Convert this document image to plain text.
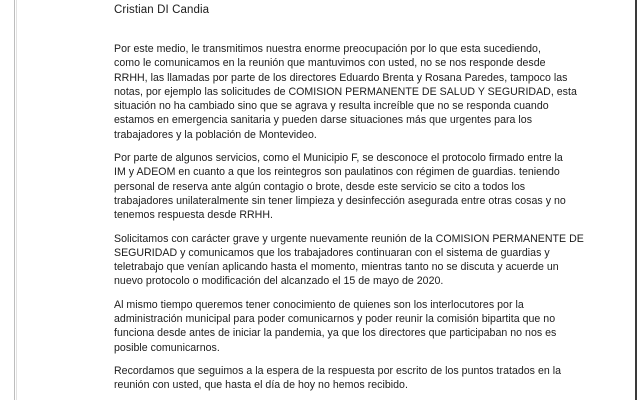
Cristian DI Candia

Por este medio, le transmitimos nuestra enorme preocupación por lo que esta sucediendo,
como le comunicamos en la reunión que mantuvimos con usted, no se nos responde desde
RRHH, las llamadas por parte de los directores Eduardo Brenta y Rosana Paredes, tampoco las
notas, por ejemplo las solicitudes de COMISION PERMANENTE DE SALUD Y SEGURIDAD, esta
situación no ha cambiado sino que se agrava y resulta increíble que no se responda cuando
estamos en emergencia sanitaria y pueden darse situaciones más que urgentes para los
trabajadores y la población de Montevideo.

Por parte de algunos servicios, como el Municipio F, se desconoce el protocolo firmado entre la
IM y ADEOM en cuanto a que los reintegros son paulatinos con régimen de guardias. teniendo
personal de reserva ante algún contagio o brote, desde este servicio se cito a todos los
trabajadores unilateralmente sin tener limpieza y desinfección asegurada entre otras cosas y no
tenemos respuesta desde RRHH.

Solicitamos con carácter grave y urgente nuevamente reunión de la COMISION PERMANENTE DE
SEGURIDAD y comunicamos que los trabajadores continuaran con el sistema de guardias y
teletrabajo que venían aplicando hasta el momento, mientras tanto no se discuta y acuerde un
nuevo protocolo o modificación del alcanzado el 15 de mayo de 2020.

Al mismo tiempo queremos tener conocimiento de quienes son los interlocutores por la
administración municipal para poder comunicarnos y poder reunir la comisión bipartita que no
funciona desde antes de iniciar la pandemia, ya que los directores que participaban no nos es
posible comunicarnos.

Recordamos que seguimos a la espera de la respuesta por escrito de los puntos tratados en la
reunión con usted, que hasta el día de hoy no hemos recibido.
